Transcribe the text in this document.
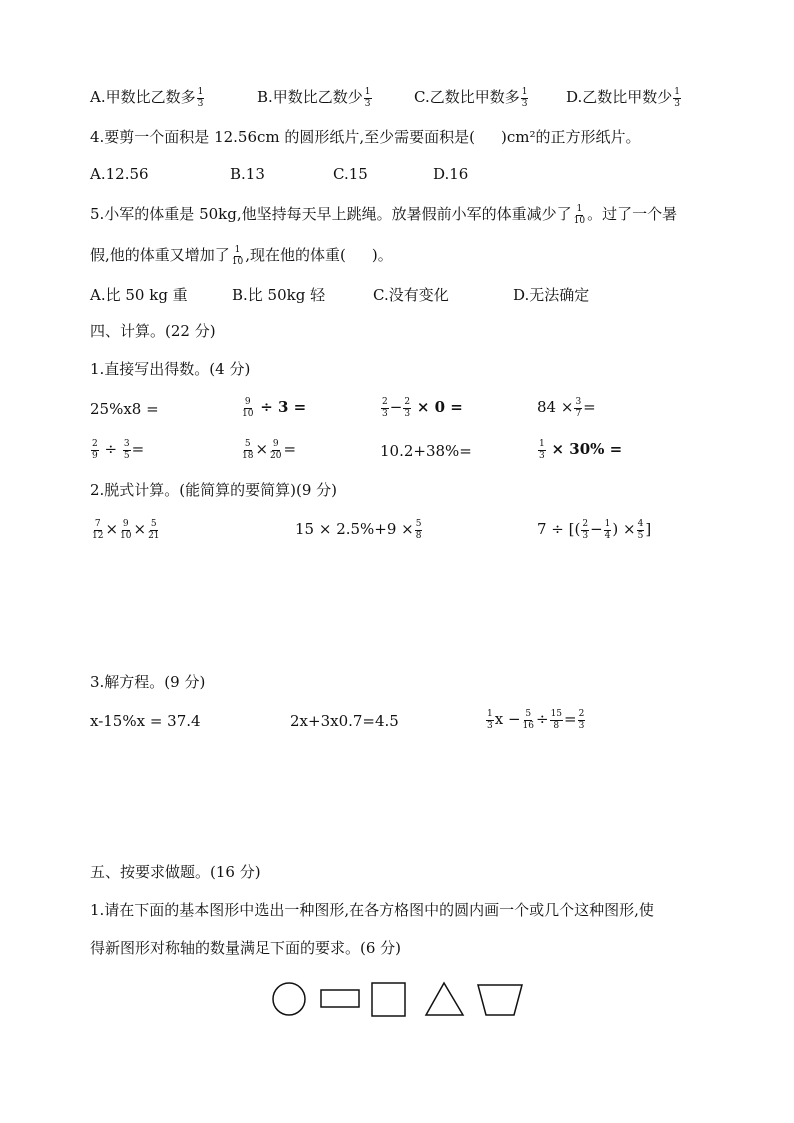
A.甲数比乙数多 $\frac{1}{3}$	B.甲数比乙数少 $\frac{1}{3}$	C.乙数比甲数多 $\frac{1}{3}$	D.乙数比甲数少 $\frac{1}{3}$
4.要剪一个面积是 12.56cm 的圆形纸片,至少需要面积是( )cm²的正方形纸片。
A.12.56	B.13	C.15	D.16
5.小军的体重是 50kg,他坚持每天早上跳绳。放暑假前小军的体重减少了 $\frac{1}{10}$ 。过了一个暑
假,他的体重又增加了 $\frac{1}{10}$ ,现在他的体重( )。
A.比 50 kg 重	B.比 50kg 轻	C.没有变化	D.无法确定
四、计算。(22 分)
1.直接写出得数。(4 分)
25%x8 =	$\frac{9}{10} \div 3$ =	$\frac{2}{3} - \frac{2}{3} \times 0$ =	$84 \times \frac{3}{7}$ =
$\frac{2}{9} \div \frac{3}{5}$ =	$\frac{5}{18} \times \frac{9}{20}$ =	10.2+38%=	$\frac{1}{3} \times 30\%$ =
2.脱式计算。(能简算的要简算)(9 分)
$\frac{7}{12} \times \frac{9}{10} \times \frac{5}{21}$	$15 \times 2.5\%+9 \times \frac{5}{8}$	7 ÷ [( $\frac{2}{3} - \frac{1}{4}$ ) × $\frac{4}{5}$ ]
3.解方程。(9 分)
x-15%x = 37.4	2x+3x0.7=4.5	$\frac{1}{3}$ $x - \frac{5}{16} \div \frac{15}{8} = \frac{2}{3}$
五、按要求做题。(16 分)
1.请在下面的基本图形中选出一种图形,在各方格图中的圆内画一个或几个这种图形,使
得新图形对称轴的数量满足下面的要求。(6 分)
